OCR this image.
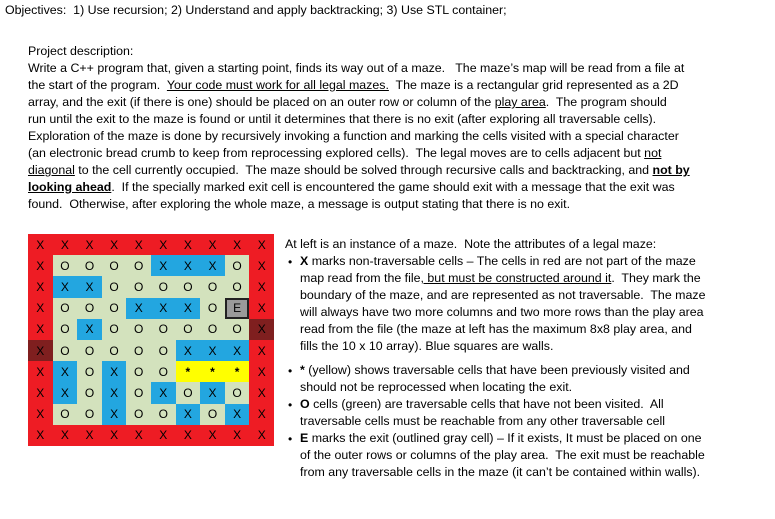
Objectives:  1) Use recursion; 2) Understand and apply backtracking; 3) Use STL container;
Project description:
Write a C++ program that, given a starting point, finds its way out of a maze.   The maze’s map will be read from a file at
the start of the program.  Your code must work for all legal mazes.  The maze is a rectangular grid represented as a 2D
array, and the exit (if there is one) should be placed on an outer row or column of the play area.  The program should
run until the exit to the maze is found or until it determines that there is no exit (after exploring all traversable cells).
Exploration of the maze is done by recursively invoking a function and marking the cells visited with a special character
(an electronic bread crumb to keep from reprocessing explored cells).  The legal moves are to cells adjacent but not
diagonal to the cell currently occupied.  The maze should be solved through recursive calls and backtracking, and not by
looking ahead.  If the specially marked exit cell is encountered the game should exit with a message that the exit was
found.  Otherwise, after exploring the whole maze, a message is output stating that there is no exit.
X	X	X	X	X	X	X	X	X	X
X	O	O	O	O	X	X	X	O	X
X	X	X	O	O	O	O	O	O	X
X	O	O	O	X	X	X	O	E	X
X	O	X	O	O	O	O	O	O	X
X	O	O	O	O	O	X	X	X	X
X	X	O	X	O	O	*	*	*	X
X	X	O	X	O	X	O	X	O	X
X	O	O	X	O	O	X	O	X	X
X	X	X	X	X	X	X	X	X	X
At left is an instance of a maze.  Note the attributes of a legal maze:
• X marks non-traversable cells – The cells in red are not part of the maze
map read from the file, but must be constructed around it.  They mark the
boundary of the maze, and are represented as not traversable.  The maze
will always have two more columns and two more rows than the play area
read from the file (the maze at left has the maximum 8x8 play area, and
fills the 10 x 10 array). Blue squares are walls.
• * (yellow) shows traversable cells that have been previously visited and
should not be reprocessed when locating the exit.
• O cells (green) are traversable cells that have not been visited.  All
traversable cells must be reachable from any other traversable cell
• E marks the exit (outlined gray cell) – If it exists, It must be placed on one
of the outer rows or columns of the play area.  The exit must be reachable
from any traversable cells in the maze (it can’t be contained within walls).
